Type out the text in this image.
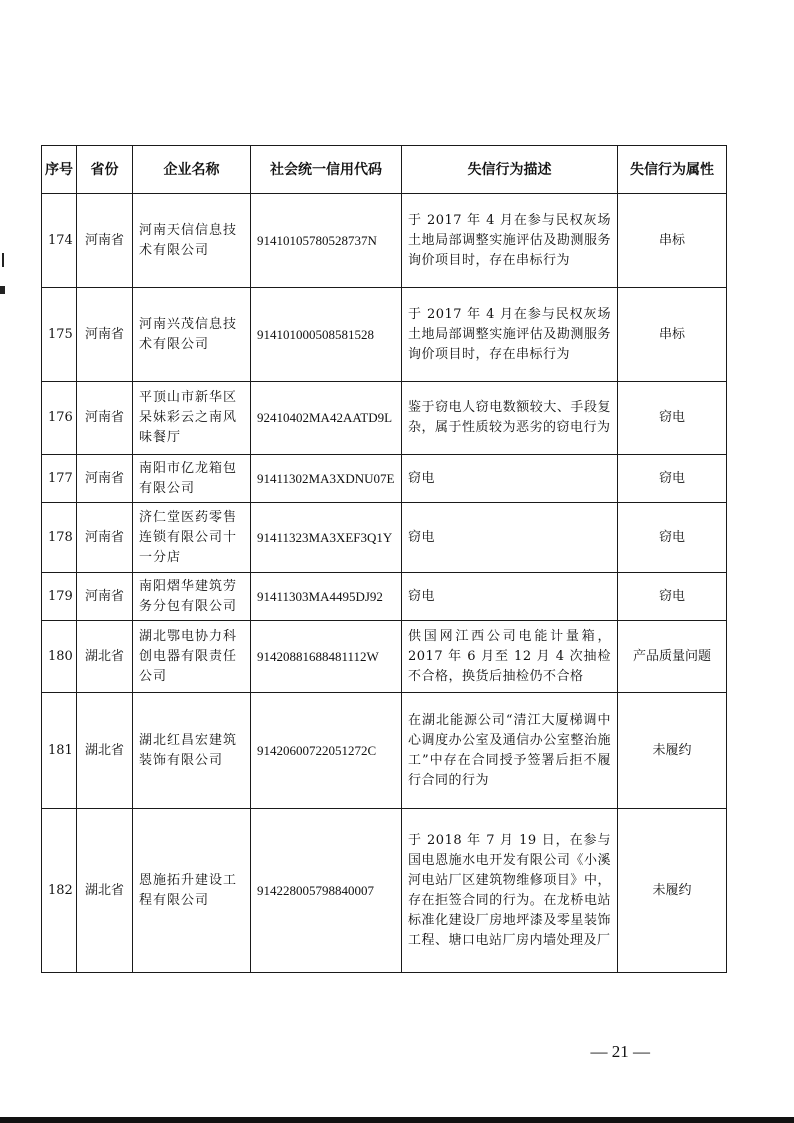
序号	省份	企业名称	社会统一信用代码	失信行为描述	失信行为属性
174	河南省	河南天信信息技术有限公司	91410105780528737N	于 2017 年 4 月在参与民权灰场土地局部调整实施评估及勘测服务询价项目时，存在串标行为	串标
175	河南省	河南兴茂信息技术有限公司	914101000508581528	于 2017 年 4 月在参与民权灰场土地局部调整实施评估及勘测服务询价项目时，存在串标行为	串标
176	河南省	平顶山市新华区呆妹彩云之南风味餐厅	92410402MA42AATD9L	鉴于窃电人窃电数额较大、手段复杂，属于性质较为恶劣的窃电行为	窃电
177	河南省	南阳市亿龙箱包有限公司	91411302MA3XDNU07E	窃电	窃电
178	河南省	济仁堂医药零售连锁有限公司十一分店	91411323MA3XEF3Q1Y	窃电	窃电
179	河南省	南阳熠华建筑劳务分包有限公司	91411303MA4495DJ92	窃电	窃电
180	湖北省	湖北鄂电协力科创电器有限责任公司	91420881688481112W	供国网江西公司电能计量箱，2017 年 6 月至 12 月 4 次抽检不合格，换货后抽检仍不合格	产品质量问题
181	湖北省	湖北红昌宏建筑装饰有限公司	91420600722051272C	在湖北能源公司“清江大厦梯调中心调度办公室及通信办公室整治施工”中存在合同授予签署后拒不履行合同的行为	未履约
182	湖北省	恩施拓升建设工程有限公司	914228005798840007	于 2018 年 7 月 19 日，在参与国电恩施水电开发有限公司《小溪河电站厂区建筑物维修项目》中，存在拒签合同的行为。在龙桥电站标准化建设厂房地坪漆及零星装饰工程、塘口电站厂房内墙处理及厂	未履约
— 21 —
